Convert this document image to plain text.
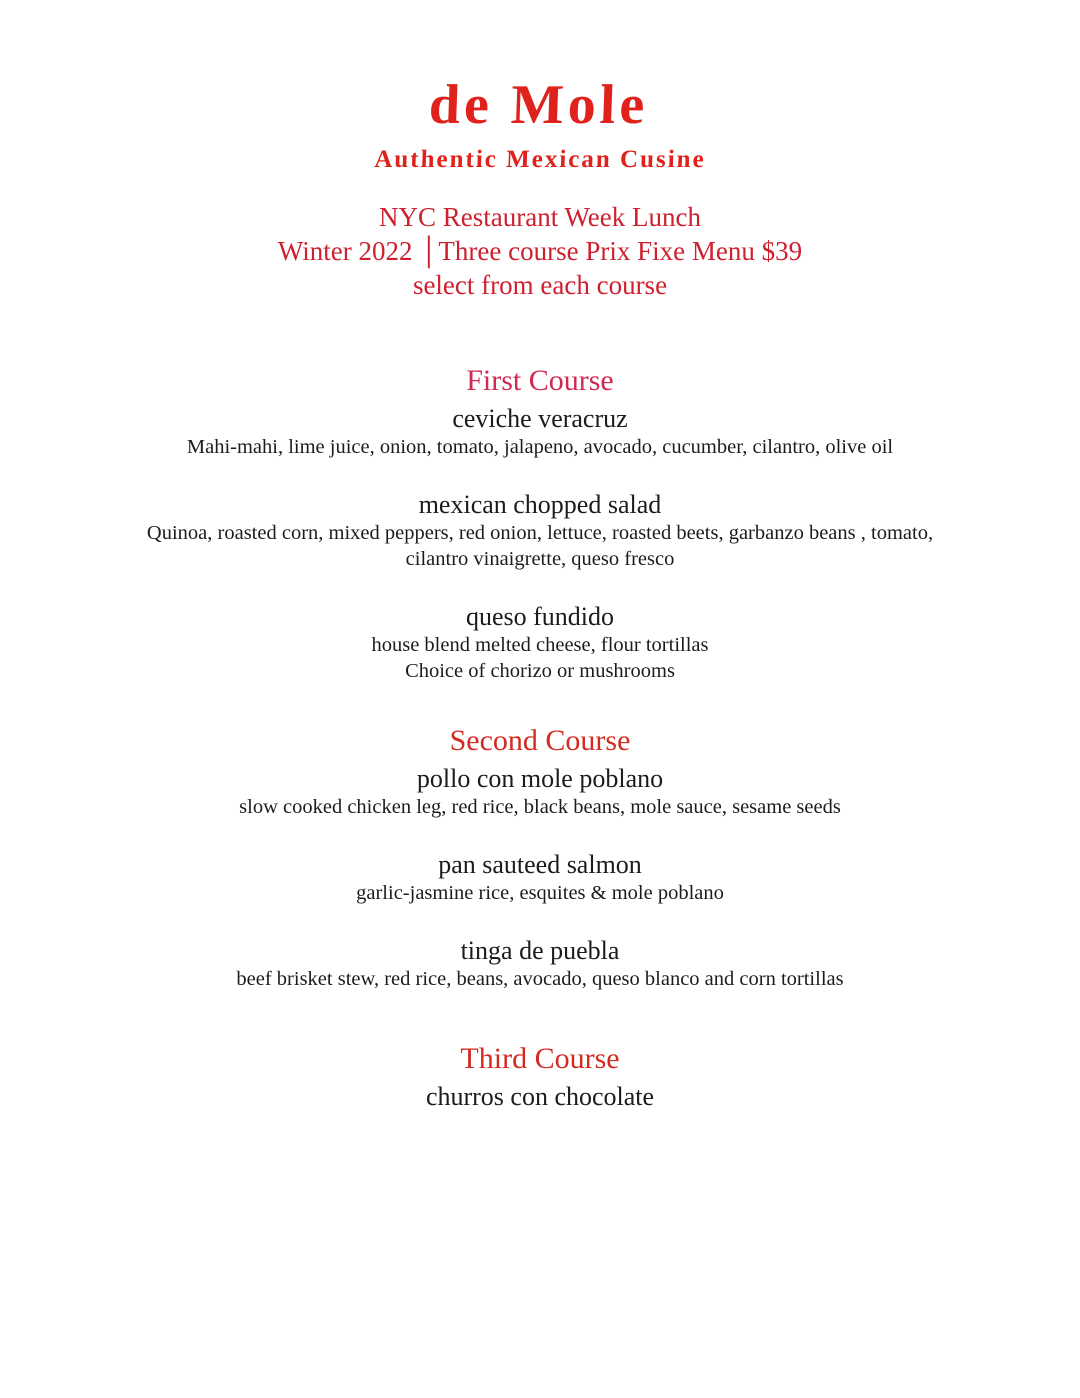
de Mole
Authentic Mexican Cusine
NYC Restaurant Week Lunch
Winter 2022 │Three course Prix Fixe Menu $39
select from each course
First Course
ceviche veracruz
Mahi-mahi, lime juice, onion, tomato, jalapeno, avocado, cucumber, cilantro, olive oil
mexican chopped salad
Quinoa, roasted corn, mixed peppers, red onion, lettuce, roasted beets, garbanzo beans , tomato,
cilantro vinaigrette, queso fresco
queso fundido
house blend melted cheese, flour tortillas
Choice of chorizo or mushrooms
Second Course
pollo con mole poblano
slow cooked chicken leg, red rice, black beans, mole sauce, sesame seeds
pan sauteed salmon
garlic-jasmine rice, esquites & mole poblano
tinga de puebla
beef brisket stew, red rice, beans, avocado, queso blanco and corn tortillas
Third Course
churros con chocolate
